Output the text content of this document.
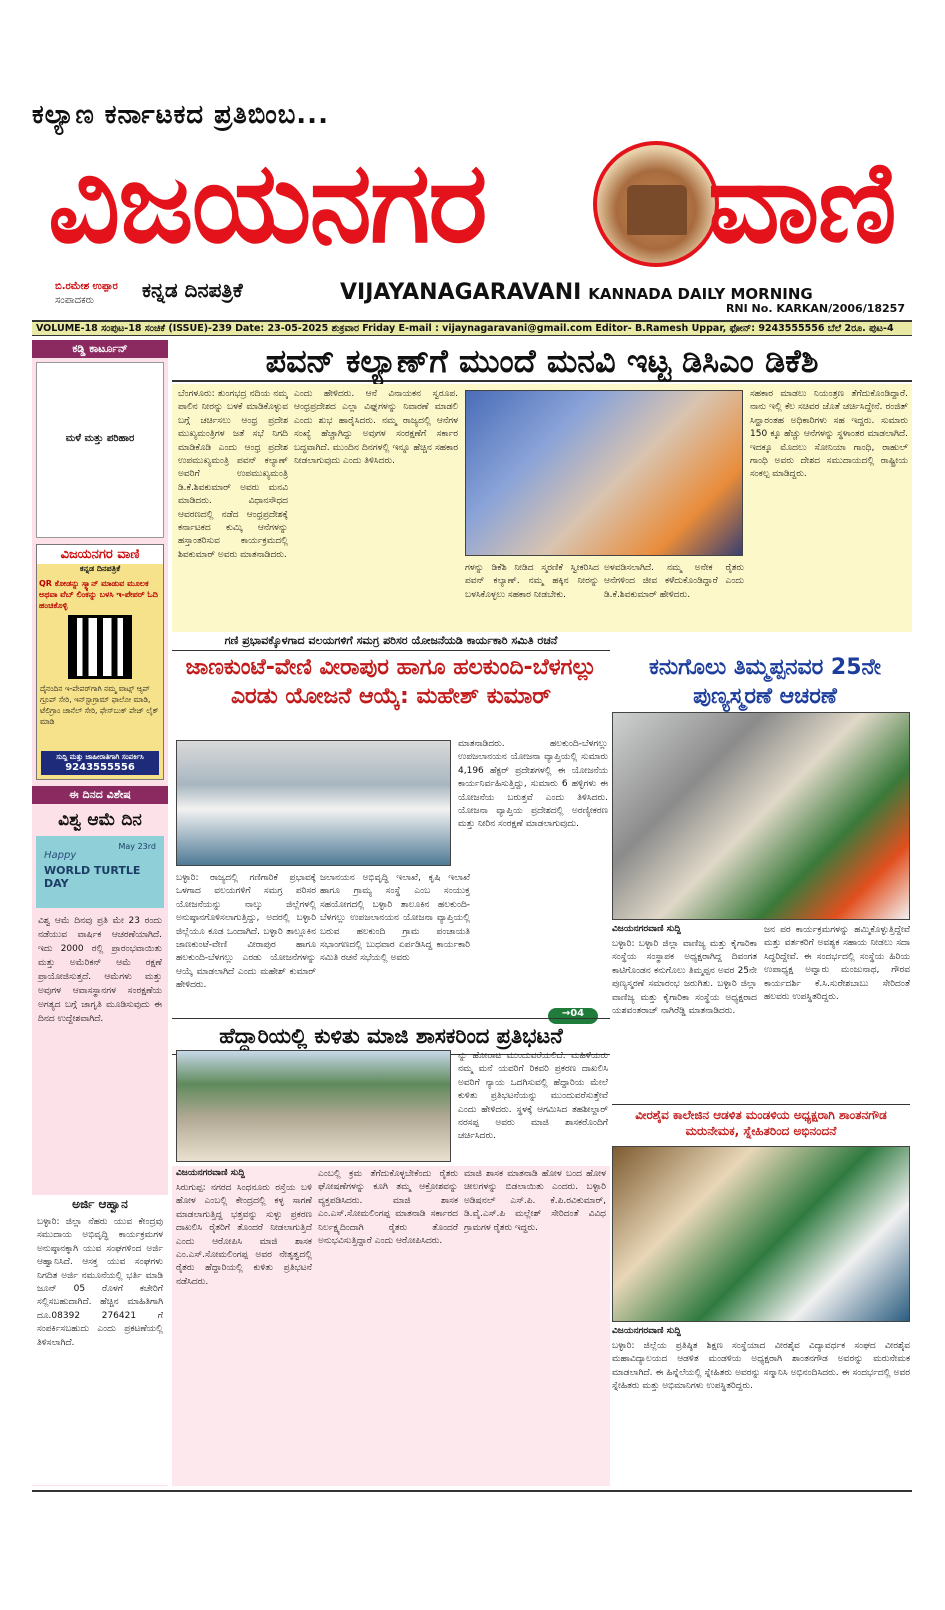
ಕಲ್ಯಾಣ ಕರ್ನಾಟಕದ ಪ್ರತಿಬಿಂಬ...
ವಿಜಯನಗರ ವಾಣಿ
ಬಿ.ರಮೇಶ ಉಪ್ಪಾರ
ಸಂಪಾದಕರು	ಕನ್ನಡ ದಿನಪತ್ರಿಕೆ	VIJAYANAGARAVANI KANNADA DAILY MORNING
RNI No. KARKAN/2006/18257
VOLUME-18 ಸಂಪುಟ-18 ಸಂಚಿಕೆ (ISSUE)-239 Date: 23-05-2025 ಶುಕ್ರವಾರ Friday E-mail : vijaynagaravani@gmail.com Editor- B.Ramesh Uppar, ಫೋನ್: 9243555556 ಬೆಲೆ 2ರೂ. ಪುಟ-4
ಕಡ್ಡಿ ಕಾರ್ಟೂನ್
ಮಳೆ ಮತ್ತು ಪರಿಹಾರ
ವಿಜಯನಗರ ವಾಣಿ
ಕನ್ನಡ ದಿನಪತ್ರಿಕೆ
QR ಕೋಡನ್ನು ಸ್ಕ್ಯಾನ್ ಮಾಡುವ ಮೂಲಕ ಅಥವಾ ವೆಬ್ ಲಿಂಕನ್ನು ಬಳಸಿ ಇ-ಪೇಪರ್ ಓದಿ ಹಂಚಿಕೊಳ್ಳಿ
ದೈನಂದಿನ ಇ-ಪೇಪರ್‌ಗಾಗಿ ನಮ್ಮ ವಾಟ್ಸ್ ಆ್ಯಪ್ ಗ್ರೂಪ್ ಸೇರಿ, ಇನ್‌ಸ್ಟಾಗ್ರಾಮ್ ಫಾಲೋ ಮಾಡಿ, ಟೆಲಿಗ್ರಾಂ ಚಾನೆಲ್ ಸೇರಿ, ಫೇಸ್‌ಬುಕ್ ಪೇಜ್ ಲೈಕ್ ಮಾಡಿ
ಸುದ್ದಿ ಮತ್ತು ಜಾಹೀರಾತಿಗಾಗಿ ಸಂಪರ್ಕಿಸಿ
9243555556
ಈ ದಿನದ ವಿಶೇಷ
ವಿಶ್ವ ಆಮೆ ದಿನ
Happy
WORLD TURTLE DAY
May 23rd
ವಿಶ್ವ ಆಮೆ ದಿನವು ಪ್ರತಿ ಮೇ 23 ರಂದು ನಡೆಯುವ ವಾರ್ಷಿಕ ಆಚರಣೆಯಾಗಿದೆ. ಇದು 2000 ರಲ್ಲಿ ಪ್ರಾರಂಭವಾಯಿತು ಮತ್ತು ಅಮೆರಿಕನ್ ಆಮೆ ರಕ್ಷಣೆ ಪ್ರಾಯೋಜಿಸುತ್ತದೆ. ಆಮೆಗಳು ಮತ್ತು ಅವುಗಳ ಆವಾಸಸ್ಥಾನಗಳ ಸಂರಕ್ಷಣೆಯ ಅಗತ್ಯದ ಬಗ್ಗೆ ಜಾಗೃತಿ ಮೂಡಿಸುವುದು ಈ ದಿನದ ಉದ್ದೇಶವಾಗಿದೆ.
ಅರ್ಜಿ ಆಹ್ವಾನ
ಬಳ್ಳಾರಿ: ಜಿಲ್ಲಾ ನೆಹರು ಯುವ ಕೇಂದ್ರವು ಸಮುದಾಯ ಅಭಿವೃದ್ಧಿ ಕಾರ್ಯಕ್ರಮಗಳ ಅನುಷ್ಠಾನಕ್ಕಾಗಿ ಯುವ ಸಂಘಗಳಿಂದ ಅರ್ಜಿ ಆಹ್ವಾನಿಸಿದೆ. ಆಸಕ್ತ ಯುವ ಸಂಘಗಳು ನಿಗದಿತ ಅರ್ಜಿ ನಮೂನೆಯಲ್ಲಿ ಭರ್ತಿ ಮಾಡಿ ಜೂನ್ 05 ರೊಳಗೆ ಕಚೇರಿಗೆ ಸಲ್ಲಿಸಬಹುದಾಗಿದೆ. ಹೆಚ್ಚಿನ ಮಾಹಿತಿಗಾಗಿ ದೂ.08392 276421 ಗೆ ಸಂಪರ್ಕಿಸಬಹುದು ಎಂದು ಪ್ರಕಟಣೆಯಲ್ಲಿ ತಿಳಿಸಲಾಗಿದೆ.
ಪವನ್ ಕಲ್ಯಾಣ್‌ಗೆ ಮುಂದೆ ಮನವಿ ಇಟ್ಟ ಡಿಸಿಎಂ ಡಿಕೆಶಿ
ಬೆಂಗಳೂರು: ತುಂಗಭದ್ರ ನದಿಯ ನಮ್ಮ ಪಾಲಿನ ನೀರನ್ನು ಬಳಕೆ ಮಾಡಿಕೊಳ್ಳುವ ಬಗ್ಗೆ ಚರ್ಚಿಸಲು ಆಂಧ್ರ ಪ್ರದೇಶ ಮುಖ್ಯಮಂತ್ರಿಗಳ ಜತೆ ಸಭೆ ನಿಗದಿ ಮಾಡಿಕೊಡಿ ಎಂದು ಆಂಧ್ರ ಪ್ರದೇಶ ಉಪಮುಖ್ಯಮಂತ್ರಿ ಪವನ್ ಕಲ್ಯಾಣ್ ಅವರಿಗೆ ಉಪಮುಖ್ಯಮಂತ್ರಿ ಡಿ.ಕೆ.ಶಿವಕುಮಾರ್ ಅವರು ಮನವಿ ಮಾಡಿದರು. ವಿಧಾನಸೌಧದ ಆವರಣದಲ್ಲಿ ನಡೆದ ಆಂಧ್ರಪ್ರದೇಶಕ್ಕೆ ಕರ್ನಾಟಕದ ಕುಮ್ಕಿ ಆನೆಗಳನ್ನು ಹಸ್ತಾಂತರಿಸುವ ಕಾರ್ಯಕ್ರಮದಲ್ಲಿ ಶಿವಕುಮಾರ್ ಅವರು ಮಾತನಾಡಿದರು.
ಎಂದು ಹೇಳಿದರು. ಆನೆ ವಿನಾಯಕನ ಸ್ವರೂಪ. ಆಂಧ್ರಪ್ರದೇಶದ ಎಲ್ಲಾ ವಿಘ್ನಗಳನ್ನು ನಿವಾರಣೆ ಮಾಡಲಿ ಎಂದು ಶುಭ ಹಾರೈಸಿದರು. ನಮ್ಮ ರಾಜ್ಯದಲ್ಲಿ ಆನೆಗಳ ಸಂಖ್ಯೆ ಹೆಚ್ಚಾಗಿದ್ದು ಅವುಗಳ ಸಂರಕ್ಷಣೆಗೆ ಸರ್ಕಾರ ಬದ್ಧವಾಗಿದೆ. ಮುಂದಿನ ದಿನಗಳಲ್ಲಿ ಇನ್ನೂ ಹೆಚ್ಚಿನ ಸಹಕಾರ ನೀಡಲಾಗುವುದು ಎಂದು ತಿಳಿಸಿದರು.
ಗಳನ್ನು ಡಿಕೆಶಿ ನೀಡಿದ ಸ್ಮರಣಿಕೆ ಸ್ವೀಕರಿಸಿದ ಪವನ್ ಕಲ್ಯಾಣ್. ನಮ್ಮ ಹಕ್ಕಿನ ನೀರನ್ನು ಬಳಸಿಕೊಳ್ಳಲು ಸಹಕಾರ ನೀಡಬೇಕು.
ಅಳವಡಿಸಲಾಗಿದೆ. ನಮ್ಮ ಅನೇಕ ರೈತರು ಆನೆಗಳಿಂದ ಜೀವ ಕಳೆದುಕೊಂಡಿದ್ದಾರೆ ಎಂದು ಡಿ.ಕೆ.ಶಿವಕುಮಾರ್ ಹೇಳಿದರು.
ಸಹಕಾರ ಮಾಡಲು ನಿಯಂತ್ರಣ ತೆಗೆದುಕೊಂಡಿದ್ದಾರೆ. ನಾನು ಇಲ್ಲಿ ಕೆಲ ಸಚಿವರ ಜೊತೆ ಚರ್ಚಿಸಿದ್ದೇನೆ. ರಂಜಿತ್ ಸಿನ್ಹಾರಂತಹ ಅಧಿಕಾರಿಗಳು ಸಹ ಇದ್ದರು. ಸುಮಾರು 150 ಕ್ಕೂ ಹೆಚ್ಚು ಆನೆಗಳನ್ನು ಸ್ಥಳಾಂತರ ಮಾಡಲಾಗಿದೆ. ಇದಕ್ಕೂ ಮೊದಲು ಸೋನಿಯಾ ಗಾಂಧಿ, ರಾಹುಲ್ ಗಾಂಧಿ ಅವರು ದೇಶದ ಸಮುದಾಯದಲ್ಲಿ ರಾಷ್ಟ್ರೀಯ ಸಂಕಲ್ಪ ಮಾಡಿದ್ದರು.
ಗಣಿ ಪ್ರಭಾವಕ್ಕೊಳಗಾದ ವಲಯಗಳಿಗೆ ಸಮಗ್ರ ಪರಿಸರ ಯೋಜನೆಯಡಿ ಕಾರ್ಯಕಾರಿ ಸಮಿತಿ ರಚನೆ
ಜಾಣಕುಂಟೆ-ವೇಣಿ ವೀರಾಪುರ ಹಾಗೂ ಹಲಕುಂದಿ-ಬೆಳಗಲ್ಲು ಎರಡು ಯೋಜನೆ ಆಯ್ಕೆ: ಮಹೇಶ್ ಕುಮಾರ್
ಮಾತನಾಡಿದರು. ಹಲಕುಂದಿ-ಬೆಳಗಲ್ಲು ಉಪಜಲಾನಯನ ಯೋಜನಾ ವ್ಯಾಪ್ತಿಯಲ್ಲಿ ಸುಮಾರು 4,196 ಹೆಕ್ಟರ್ ಪ್ರದೇಶಗಳಲ್ಲಿ ಈ ಯೋಜನೆಯ ಕಾರ್ಯನಿರ್ವಹಿಸುತ್ತಿದ್ದು, ಸುಮಾರು 6 ಹಳ್ಳಿಗಳು ಈ ಯೋಜನೆಯ ಬರುತ್ತವೆ ಎಂದು ತಿಳಿಸಿದರು. ಯೋಜನಾ ವ್ಯಾಪ್ತಿಯ ಪ್ರದೇಶದಲ್ಲಿ ಅರಣ್ಯೀಕರಣ ಮತ್ತು ನೀರಿನ ಸಂರಕ್ಷಣೆ ಮಾಡಲಾಗುವುದು.
ಬಳ್ಳಾರಿ: ರಾಜ್ಯದಲ್ಲಿ ಗಣಿಗಾರಿಕೆ ಪ್ರಭಾವಕ್ಕೆ ಒಳಗಾದ ವಲಯಗಳಿಗೆ ಸಮಗ್ರ ಪರಿಸರ ಯೋಜನೆಯನ್ನು ನಾಲ್ಕು ಜಿಲ್ಲೆಗಳಲ್ಲಿ ಅನುಷ್ಠಾನಗೊಳಿಸಲಾಗುತ್ತಿದ್ದು, ಅದರಲ್ಲಿ ಬಳ್ಳಾರಿ ಜಿಲ್ಲೆಯೂ ಕೂಡ ಒಂದಾಗಿದೆ. ಬಳ್ಳಾರಿ ತಾಲ್ಲೂಕಿನ ಜಾಣಕುಂಟೆ-ವೇಣಿ ವೀರಾಪುರ ಹಾಗೂ ಹಲಕುಂದಿ-ಬೆಳಗಲ್ಲು ಎರಡು ಯೋಜನೆಗಳನ್ನು ಆಯ್ಕೆ ಮಾಡಲಾಗಿದೆ ಎಂದು ಮಹೇಶ್ ಕುಮಾರ್ ಹೇಳಿದರು.
ಜಲಾನಯನ ಅಭಿವೃದ್ಧಿ ಇಲಾಖೆ, ಕೃಷಿ ಇಲಾಖೆ ಹಾಗೂ ಗ್ರಾಮ್ಯ ಸಂಸ್ಥೆ ಎಂಬ ಸಂಯುಕ್ತ ಸಹಯೋಗದಲ್ಲಿ ಬಳ್ಳಾರಿ ತಾಲೂಕಿನ ಹಲಕುಂದಿ-ಬೆಳಗಲ್ಲು ಉಪಜಲಾನಯನ ಯೋಜನಾ ವ್ಯಾಪ್ತಿಯಲ್ಲಿ ಬರುವ ಹಲಕುಂದಿ ಗ್ರಾಮ ಪಂಚಾಯತಿ ಸಭಾಂಗಣದಲ್ಲಿ ಬುಧವಾರ ಏರ್ಪಡಿಸಿದ್ದ ಕಾರ್ಯಕಾರಿ ಸಮಿತಿ ರಚನೆ ಸಭೆಯಲ್ಲಿ ಅವರು
→04
ಹೆದ್ದಾರಿಯಲ್ಲಿ ಕುಳಿತು ಮಾಜಿ ಶಾಸಕರಿಂದ ಪ್ರತಿಭಟನೆ
ನ್ನು ಹೋರಾಟ ಮುಂದುವರೆಯಲಿದೆ. ಮಹಿಳೆಯರು ನಮ್ಮ ಮನೆ ಯವರಿಗೆ ರಿಕವರಿ ಪ್ರಕರಣ ದಾಖಲಿಸಿ ಅವರಿಗೆ ನ್ಯಾಯ ಒದಗಿಸುವಲ್ಲಿ ಹೆದ್ದಾರಿಯ ಮೇಲೆ ಕುಳಿತು ಪ್ರತಿಭಟನೆಯನ್ನು ಮುಂದುವರೆಸುತ್ತೇವೆ ಎಂದು ಹೇಳಿದರು. ಸ್ಥಳಕ್ಕೆ ಆಗಮಿಸಿದ ತಹಶೀಲ್ದಾರ್ ನರಸಪ್ಪ ಅವರು ಮಾಜಿ ಶಾಸಕರೊಂದಿಗೆ ಚರ್ಚಿಸಿದರು.
ವಿಜಯನಗರವಾಣಿ ಸುದ್ದಿ
ಸಿರುಗುಪ್ಪ: ನಗರದ ಸಿಂಧನೂರು ರಸ್ತೆಯ ಬಳಿ ಹೋಳ ಎಂಬಲ್ಲಿ ಕೇಂದ್ರದಲ್ಲಿ ಕಳ್ಳ ಸಾಗಣೆ ಮಾಡಲಾಗುತ್ತಿದ್ದ ಭತ್ತವನ್ನು ಸುಳ್ಳು ಪ್ರಕರಣ ದಾಖಲಿಸಿ ರೈತರಿಗೆ ತೊಂದರೆ ನೀಡಲಾಗುತ್ತಿದೆ ಎಂದು ಆರೋಪಿಸಿ ಮಾಜಿ ಶಾಸಕ ಎಂ.ಎಸ್.ಸೋಮಲಿಂಗಪ್ಪ ಅವರ ನೇತೃತ್ವದಲ್ಲಿ ರೈತರು ಹೆದ್ದಾರಿಯಲ್ಲಿ ಕುಳಿತು ಪ್ರತಿಭಟನೆ ನಡೆಸಿದರು.
ಎಂಬಲ್ಲಿ ಕ್ರಮ ತೆಗೆದುಕೊಳ್ಳಬೇಕೆಂದು ರೈತರು ಘೋಷಣೆಗಳನ್ನು ಕೂಗಿ ತಮ್ಮ ಆಕ್ರೋಶವನ್ನು ವ್ಯಕ್ತಪಡಿಸಿದರು. ಮಾಜಿ ಶಾಸಕ ಎಂ.ಎಸ್.ಸೋಮಲಿಂಗಪ್ಪ ಮಾತನಾಡಿ ಸರ್ಕಾರದ ನಿರ್ಲಕ್ಷ್ಯದಿಂದಾಗಿ ರೈತರು ತೊಂದರೆ ಅನುಭವಿಸುತ್ತಿದ್ದಾರೆ ಎಂದು ಆರೋಪಿಸಿದರು.
ಮಾಜಿ ಶಾಸಕ ಮಾತನಾಡಿ ಹೋಳ ಬಂದ ಹೋಳ ಚೀಲಗಳನ್ನು ಬಿಡಲಾಯಿತು ಎಂದರು. ಬಳ್ಳಾರಿ ಅಡಿಷನಲ್ ಎಸ್.ಪಿ. ಕೆ.ಪಿ.ರವಿಕುಮಾರ್, ಡಿ.ವೈ.ಎಸ್.ಪಿ ಮಲ್ಲೇಶ್ ಸೇರಿದಂತೆ ವಿವಿಧ ಗ್ರಾಮಗಳ ರೈತರು ಇದ್ದರು.
ಕನುಗೊಲು ತಿಮ್ಮಪ್ಪನವರ 25ನೇ ಪುಣ್ಯಸ್ಮರಣೆ ಆಚರಣೆ
ವಿಜಯನಗರವಾಣಿ ಸುದ್ದಿ
ಬಳ್ಳಾರಿ: ಬಳ್ಳಾರಿ ಜಿಲ್ಲಾ ವಾಣಿಜ್ಯ ಮತ್ತು ಕೈಗಾರಿಕಾ ಸಂಸ್ಥೆಯ ಸಂಸ್ಥಾಪಕ ಅಧ್ಯಕ್ಷರಾಗಿದ್ದ ದಿವಂಗತ ಕಾಟಿಗೊಂಡನ ಕನುಗೊಲು ತಿಮ್ಮಪ್ಪನ ಅವರ 25ನೇ ಪುಣ್ಯಸ್ಮರಣೆ ಸಮಾರಂಭ ಜರುಗಿತು. ಬಳ್ಳಾರಿ ಜಿಲ್ಲಾ ವಾಣಿಜ್ಯ ಮತ್ತು ಕೈಗಾರಿಕಾ ಸಂಸ್ಥೆಯ ಅಧ್ಯಕ್ಷರಾದ ಯಶವಂತರಾಜ್ ನಾಗಿರೆಡ್ಡಿ ಮಾತನಾಡಿದರು.
ಜನ ಪರ ಕಾರ್ಯಕ್ರಮಗಳನ್ನು ಹಮ್ಮಿಕೊಳ್ಳುತ್ತಿದ್ದೇವೆ ಮತ್ತು ವರ್ತಕರಿಗೆ ಅವಶ್ಯಕ ಸಹಾಯ ನೀಡಲು ಸದಾ ಸಿದ್ಧರಿದ್ದೇವೆ. ಈ ಸಂದರ್ಭದಲ್ಲಿ ಸಂಸ್ಥೆಯ ಹಿರಿಯ ಉಪಾಧ್ಯಕ್ಷ ಅವ್ವಾರು ಮಂಜುನಾಥ, ಗೌರವ ಕಾರ್ಯದರ್ಶಿ ಕೆ.ಸಿ.ಸುರೇಶಬಾಬು ಸೇರಿದಂತೆ ಹಲವರು ಉಪಸ್ಥಿತರಿದ್ದರು.
ವೀರಶೈವ ಕಾಲೇಜಿನ ಆಡಳಿತ ಮಂಡಳಿಯ ಅಧ್ಯಕ್ಷರಾಗಿ ಶಾಂತನಗೌಡ ಮರುನೇಮಕ, ಸ್ನೇಹಿತರಿಂದ ಅಭಿನಂದನೆ
ವಿಜಯನಗರವಾಣಿ ಸುದ್ದಿ
ಬಳ್ಳಾರಿ: ಜಿಲ್ಲೆಯ ಪ್ರತಿಷ್ಠಿತ ಶಿಕ್ಷಣ ಸಂಸ್ಥೆಯಾದ ವೀರಶೈವ ವಿದ್ಯಾವರ್ಧಕ ಸಂಘದ ವೀರಶೈವ ಮಹಾವಿದ್ಯಾಲಯದ ಆಡಳಿತ ಮಂಡಳಿಯ ಅಧ್ಯಕ್ಷರಾಗಿ ಶಾಂತನಗೌಡ ಅವರನ್ನು ಮರುನೇಮಕ ಮಾಡಲಾಗಿದೆ. ಈ ಹಿನ್ನೆಲೆಯಲ್ಲಿ ಸ್ನೇಹಿತರು ಅವರನ್ನು ಸನ್ಮಾನಿಸಿ ಅಭಿನಂದಿಸಿದರು. ಈ ಸಂದರ್ಭದಲ್ಲಿ ಅವರ ಸ್ನೇಹಿತರು ಮತ್ತು ಅಭಿಮಾನಿಗಳು ಉಪಸ್ಥಿತರಿದ್ದರು.
